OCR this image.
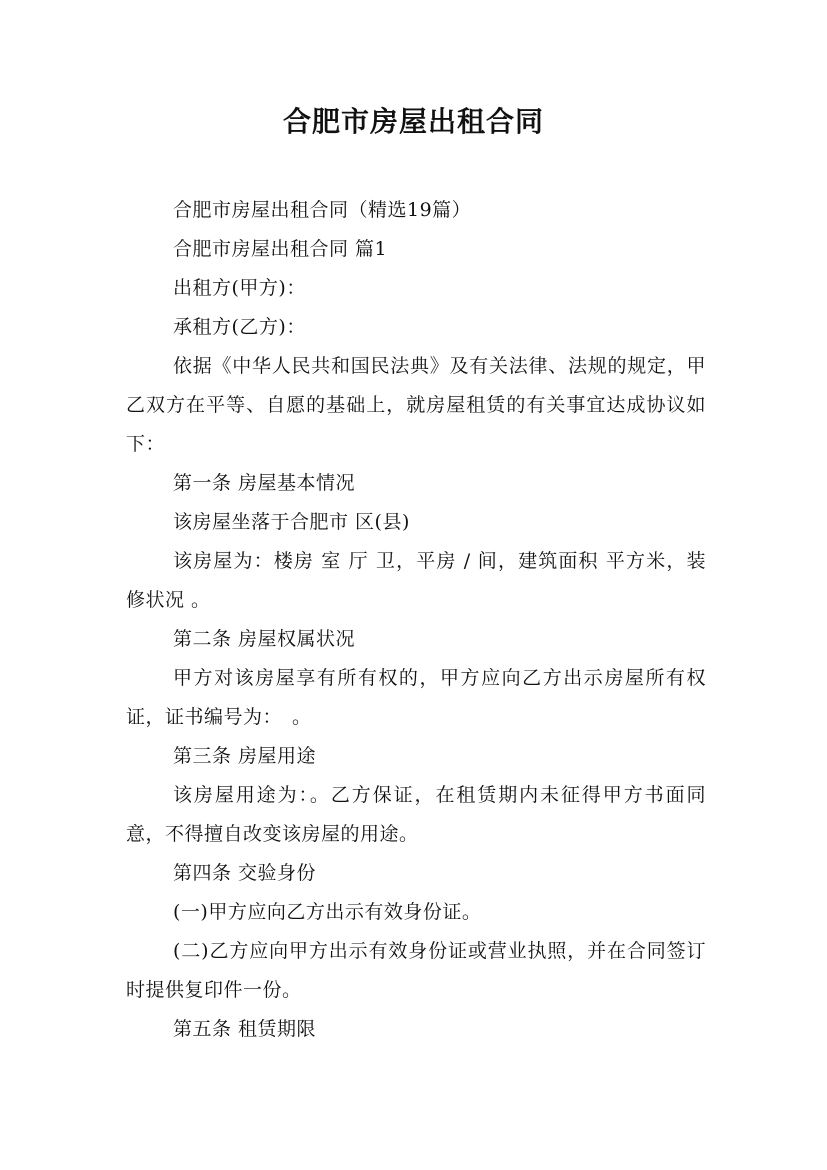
合肥市房屋出租合同

合肥市房屋出租合同（精选19篇）

合肥市房屋出租合同 篇1

出租方(甲方)：

承租方(乙方)：

依据《中华人民共和国民法典》及有关法律、法规的规定，甲乙双方在平等、自愿的基础上，就房屋租赁的有关事宜达成协议如下：

第一条 房屋基本情况

该房屋坐落于合肥市 区(县)

该房屋为：楼房 室 厅 卫，平房 / 间，建筑面积 平方米，装修状况 。

第二条 房屋权属状况

甲方对该房屋享有所有权的，甲方应向乙方出示房屋所有权证，证书编号为：　。

第三条 房屋用途

该房屋用途为：。乙方保证，在租赁期内未征得甲方书面同意，不得擅自改变该房屋的用途。

第四条 交验身份

(一)甲方应向乙方出示有效身份证。

(二)乙方应向甲方出示有效身份证或营业执照，并在合同签订时提供复印件一份。

第五条 租赁期限
